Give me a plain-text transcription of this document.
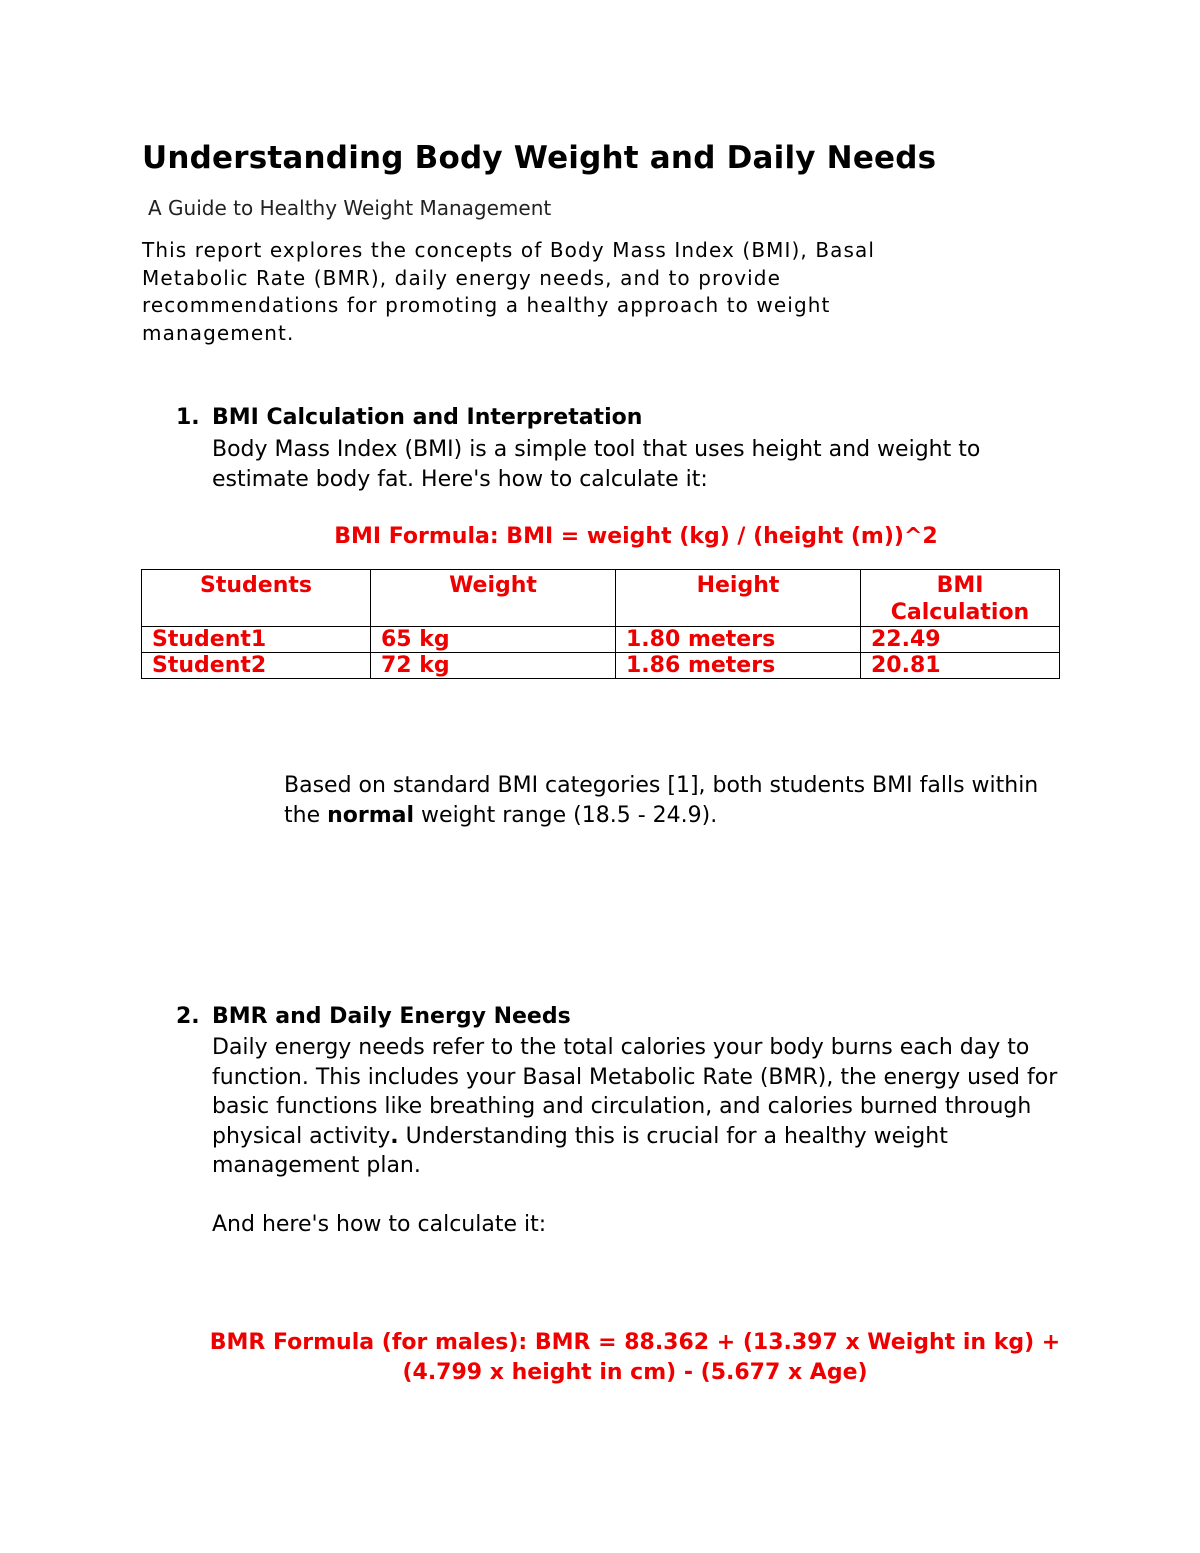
Understanding Body Weight and Daily Needs
A Guide to Healthy Weight Management

This report explores the concepts of Body Mass Index (BMI), Basal Metabolic Rate (BMR), daily energy needs, and to provide recommendations for promoting a healthy approach to weight management.

1. BMI Calculation and Interpretation

Body Mass Index (BMI) is a simple tool that uses height and weight to estimate body fat. Here's how to calculate it:

BMI Formula: BMI = weight (kg) / (height (m))^2
Students	Weight	Height	BMI Calculation
Student1	65 kg	1.80 meters	22.49
Student2	72 kg	1.86 meters	20.81

Based on standard BMI categories [1], both students BMI falls within the normal weight range (18.5 - 24.9).

2. BMR and Daily Energy Needs

Daily energy needs refer to the total calories your body burns each day to function. This includes your Basal Metabolic Rate (BMR), the energy used for basic functions like breathing and circulation, and calories burned through physical activity. Understanding this is crucial for a healthy weight management plan.

And here's how to calculate it:

BMR Formula (for males): BMR = 88.362 + (13.397 x Weight in kg) + (4.799 x height in cm) - (5.677 x Age)
